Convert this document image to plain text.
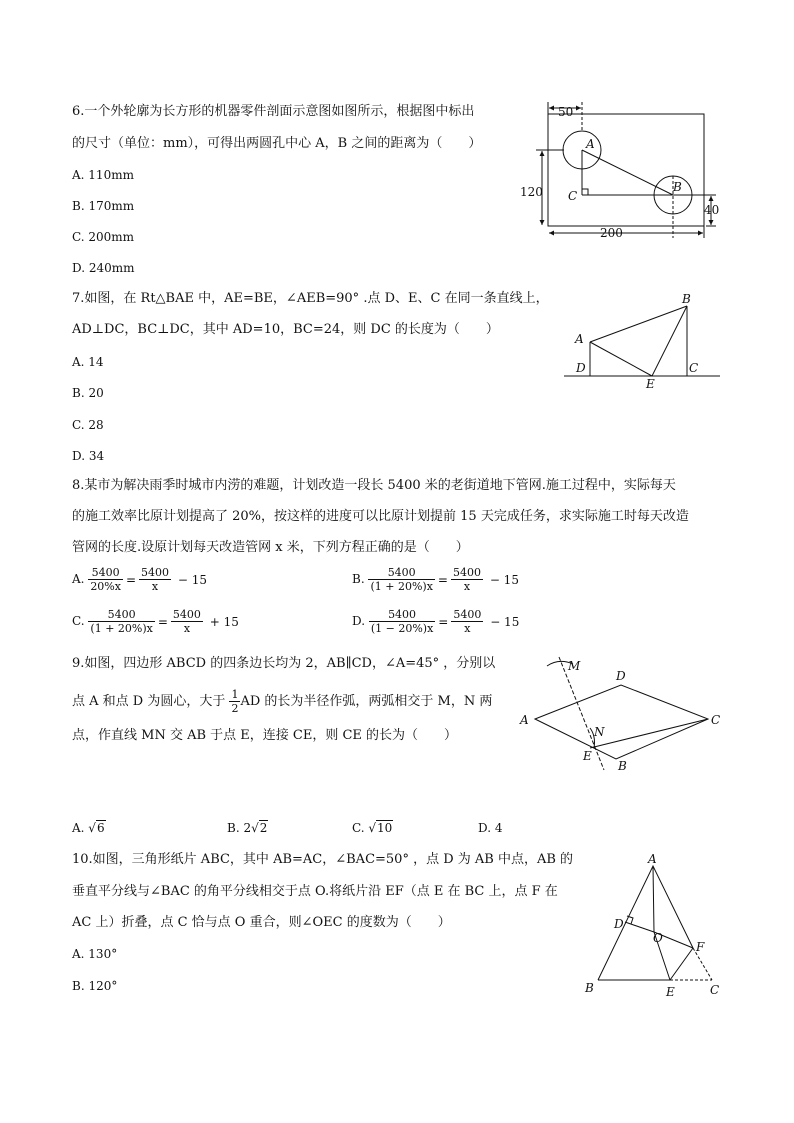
6.一个外轮廓为长方形的机器零件剖面示意图如图所示，根据图中标出
的尺寸（单位：mm），可得出两圆孔中心 A，B 之间的距离为（　　）
A. 110mm
B. 170mm
C. 200mm
D. 240mm
50
120
40
200
A
B
C
7.如图，在 Rt△BAE 中，AE=BE，∠AEB=90° .点 D、E、C 在同一条直线上，
AD⊥DC，BC⊥DC，其中 AD=10，BC=24，则 DC 的长度为（　　）
A. 14
B. 20
C. 28
D. 34
A
B
C
D
E
8.某市为解决雨季时城市内涝的难题，计划改造一段长 5400 米的老街道地下管网.施工过程中，实际每天
的施工效率比原计划提高了 20%，按这样的进度可以比原计划提前 15 天完成任务，求实际施工时每天改造
管网的长度.设原计划每天改造管网 x 米，下列方程正确的是（　　）
A. $\frac{5400}{20\%x} = \frac{5400}{x} - 15$	B. $\frac{5400}{(1 + 20\%)x} = \frac{5400}{x} - 15$
C. $\frac{5400}{(1 + 20\%)x} = \frac{5400}{x} + 15$	D. $\frac{5400}{(1 - 20\%)x} = \frac{5400}{x} - 15$
9.如图，四边形 ABCD 的四条边长均为 2，AB∥CD，∠A=45° ，分别以
点 A 和点 D 为圆心，大于 $\frac{1}{2}$ AD 的长为半径作弧，两弧相交于 M，N 两
点，作直线 MN 交 AB 于点 E，连接 CE，则 CE 的长为（　　）
A. √6	B. 2√2	C. √10	D. 4
A
D
C
B
E
M
N
10.如图，三角形纸片 ABC，其中 AB=AC，∠BAC=50° ，点 D 为 AB 中点，AB 的
垂直平分线与∠BAC 的角平分线相交于点 O.将纸片沿 EF（点 E 在 BC 上，点 F 在
AC 上）折叠，点 C 恰与点 O 重合，则∠OEC 的度数为（　　）
A. 130°
B. 120°
A
B	C
D
E
F
O
